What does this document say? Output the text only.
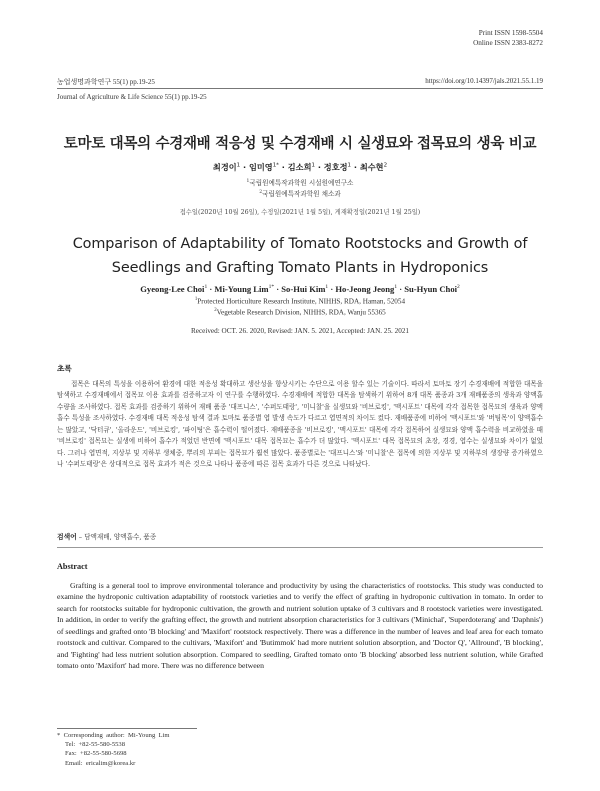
Print ISSN 1598-5504
Online ISSN 2383-8272
농업생명과학연구 55(1) pp.19-25	https://doi.org/10.14397/jals.2021.55.1.19
Journal of Agriculture & Life Science 55(1) pp.19-25
토마토 대목의 수경재배 적응성 및 수경재배 시 실생묘와 접목묘의 생육 비교
최경이$^1$ · 임미영$^{1*}$ · 김소희$^1$ · 정호정$^1$ · 최수현$^2$
$^1$국립원예특작과학원 시설원예연구소
$^2$국립원예특작과학원 채소과
접수일(2020년 10월 26일), 수정일(2021년 1월 5일), 게재확정일(2021년 1월 25일)
Comparison of Adaptability of Tomato Rootstocks and Growth of Seedlings and Grafting Tomato Plants in Hydroponics
Gyeong-Lee Choi$^1$ · Mi-Young Lim$^{1*}$ · So-Hui Kim$^1$ · Ho-Jeong Jeong$^1$ · Su-Hyun Choi$^2$
$^1$Protected Horticulture Research Institute, NIHHS, RDA, Haman, 52054
$^2$Vegetable Research Division, NIHHS, RDA, Wanju 55365
Received: OCT. 26. 2020, Revised: JAN. 5. 2021, Accepted: JAN. 25. 2021
초록
접목은 대목의 특성을 이용하여 환경에 대한 적응성 확대하고 생산성을 향상시키는 수단으로 이용 할수 있는 기술이다. 따라서 토마토 장기 수경재배에 적합한 대목을 탐색하고 수경재배에서 접목묘 이용 효과를 검증하고자 이 연구를 수행하였다. 수경재배에 적합한 대목을 탐색하기 위하여 8개 대목 품종과 3개 재배품종의 생육과 양액흡수량을 조사하였다. 접목 효과를 검증하기 위하여 재배 품종 '대프니스', '수퍼도태랑', '미니찰'을 실생묘와 '비브로킹', '맥시포트' 대목에 각각 접목한 접목묘의 생육과 양액흡수 특성을 조사하였다. 수경재배 대목 적응성 탐색 결과 토마토 품종별 엽 발생 속도가 다르고 엽면적의 차이도 컸다. 재배품종에 비하여 '맥시포트'와 '버팀목'이 양액흡수는 많았고, '닥터큐', '올라운드', '비브로킹', '파이팅'은 흡수력이 떨어졌다. 재배품종을 '비브로킹', '맥시포트' 대목에 각각 접목하여 실생묘와 양액 흡수력을 비교하였을 때 '비브로킹' 접목묘는 실생에 비하여 흡수가 적었던 반면에 '맥시포트' 대목 접목묘는 흡수가 더 많았다. '맥시포트' 대목 접목묘의 초장, 경경, 엽수는 실생묘와 차이가 없었다. 그러나 엽면적, 지상부 및 지하부 생체중, 뿌리의 부피는 접목묘가 훨씬 많았다. 품종별로는 '대프니스'와 '미니찰'은 접목에 의한 지상부 및 지하부의 생장량 증가하였으나 '수퍼도태랑'은 상대적으로 접목 효과가 적은 것으로 나타나 품종에 따른 접목 효과가 다른 것으로 나타났다.
검색어 – 담액재배, 양액흡수, 품종
Abstract
Grafting is a general tool to improve environmental tolerance and productivity by using the characteristics of rootstocks. This study was conducted to examine the hydroponic cultivation adaptability of rootstock varieties and to verify the effect of grafting in hydroponic cultivation in tomato. In order to search for rootstocks suitable for hydroponic cultivation, the growth and nutrient solution uptake of 3 cultivars and 8 rootstock varieties were investigated. In addition, in order to verify the grafting effect, the growth and nutrient absorption characteristics for 3 cultivars ('Minichal', 'Superdoterang' and 'Daphnis') of seedlings and grafted onto 'B blocking' and 'Maxifort' rootstock respectively. There was a difference in the number of leaves and leaf area for each tomato rootstock and cultivar. Compared to the cultivars, 'Maxifort' and 'Butimmok' had more nutrient solution absorption, and 'Doctor Q', 'Allround', 'B blocking', and 'Fighting' had less nutrient solution absorption. Compared to seedling, Grafted tomato onto 'B blocking' absorbed less nutrient solution, while Grafted tomato onto 'Maxifort' had more. There was no difference between
*  Corresponding  author:  Mi-Young  Lim
Tel:  +82-55-580-5538
Fax:  +82-55-580-5698
Email:  ericalim@korea.kr
